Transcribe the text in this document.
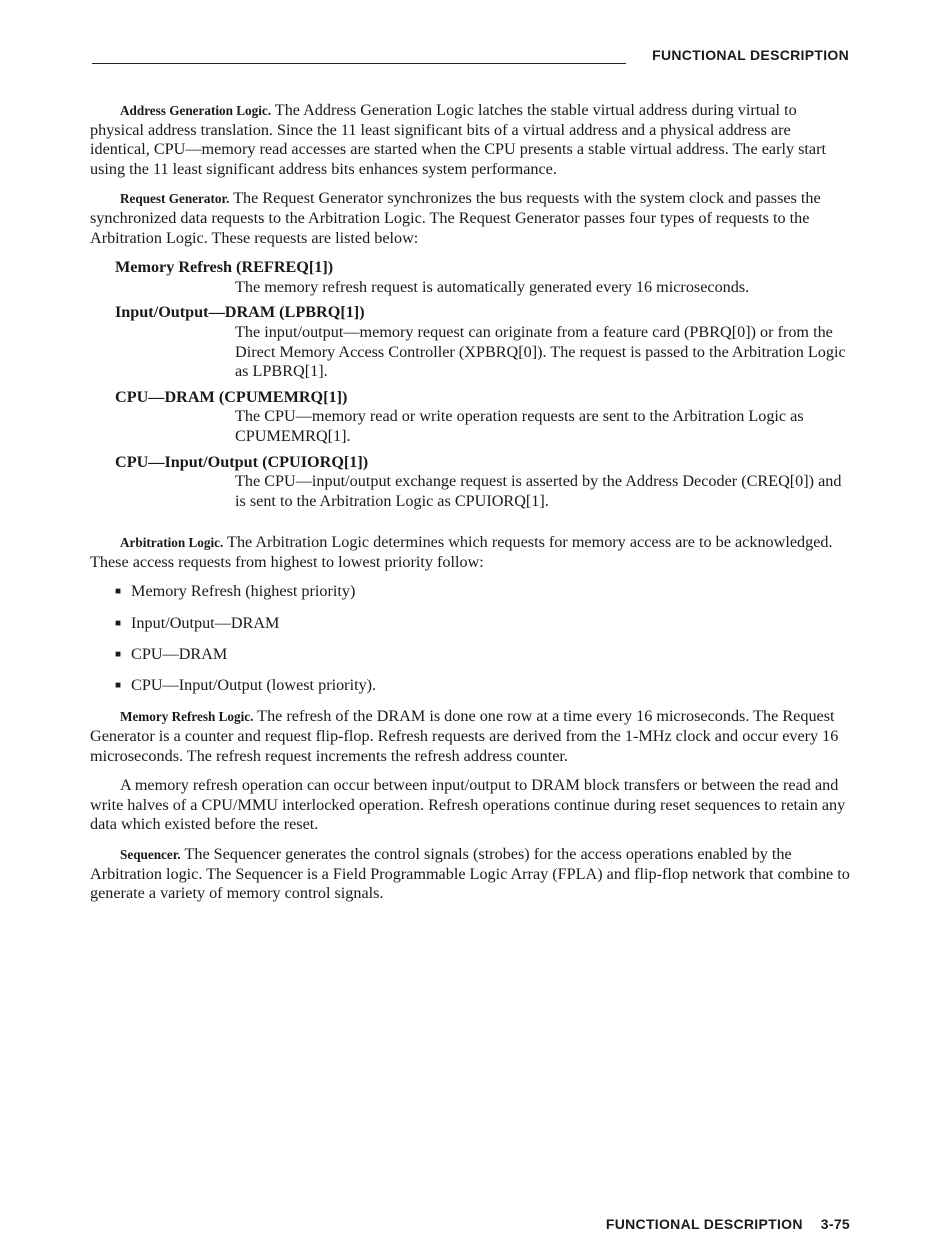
FUNCTIONAL DESCRIPTION

Address Generation Logic. The Address Generation Logic latches the stable virtual address during virtual to physical address translation. Since the 11 least significant bits of a virtual address and a physical address are identical, CPU—memory read accesses are started when the CPU presents a stable virtual address. The early start using the 11 least significant address bits enhances system performance.

Request Generator. The Request Generator synchronizes the bus requests with the system clock and passes the synchronized data requests to the Arbitration Logic. The Request Generator passes four types of requests to the Arbitration Logic. These requests are listed below:

Memory Refresh (REFREQ[1])
The memory refresh request is automatically generated every 16 microseconds.
Input/Output—DRAM (LPBRQ[1])
The input/output—memory request can originate from a feature card (PBRQ[0]) or from the Direct Memory Access Controller (XPBRQ[0]). The request is passed to the Arbitration Logic as LPBRQ[1].
CPU—DRAM (CPUMEMRQ[1])
The CPU—memory read or write operation requests are sent to the Arbitration Logic as CPUMEMRQ[1].
CPU—Input/Output (CPUIORQ[1])
The CPU—input/output exchange request is asserted by the Address Decoder (CREQ[0]) and is sent to the Arbitration Logic as CPUIORQ[1].

Arbitration Logic. The Arbitration Logic determines which requests for memory access are to be acknowledged. These access requests from highest to lowest priority follow:

■ Memory Refresh (highest priority)
■ Input/Output—DRAM
■ CPU—DRAM
■ CPU—Input/Output (lowest priority).

Memory Refresh Logic. The refresh of the DRAM is done one row at a time every 16 microseconds. The Request Generator is a counter and request flip-flop. Refresh requests are derived from the 1-MHz clock and occur every 16 microseconds. The refresh request increments the refresh address counter.

A memory refresh operation can occur between input/output to DRAM block transfers or between the read and write halves of a CPU/MMU interlocked operation. Refresh operations continue during reset sequences to retain any data which existed before the reset.

Sequencer. The Sequencer generates the control signals (strobes) for the access operations enabled by the Arbitration logic. The Sequencer is a Field Programmable Logic Array (FPLA) and flip-flop network that combine to generate a variety of memory control signals.

FUNCTIONAL DESCRIPTION 3-75
